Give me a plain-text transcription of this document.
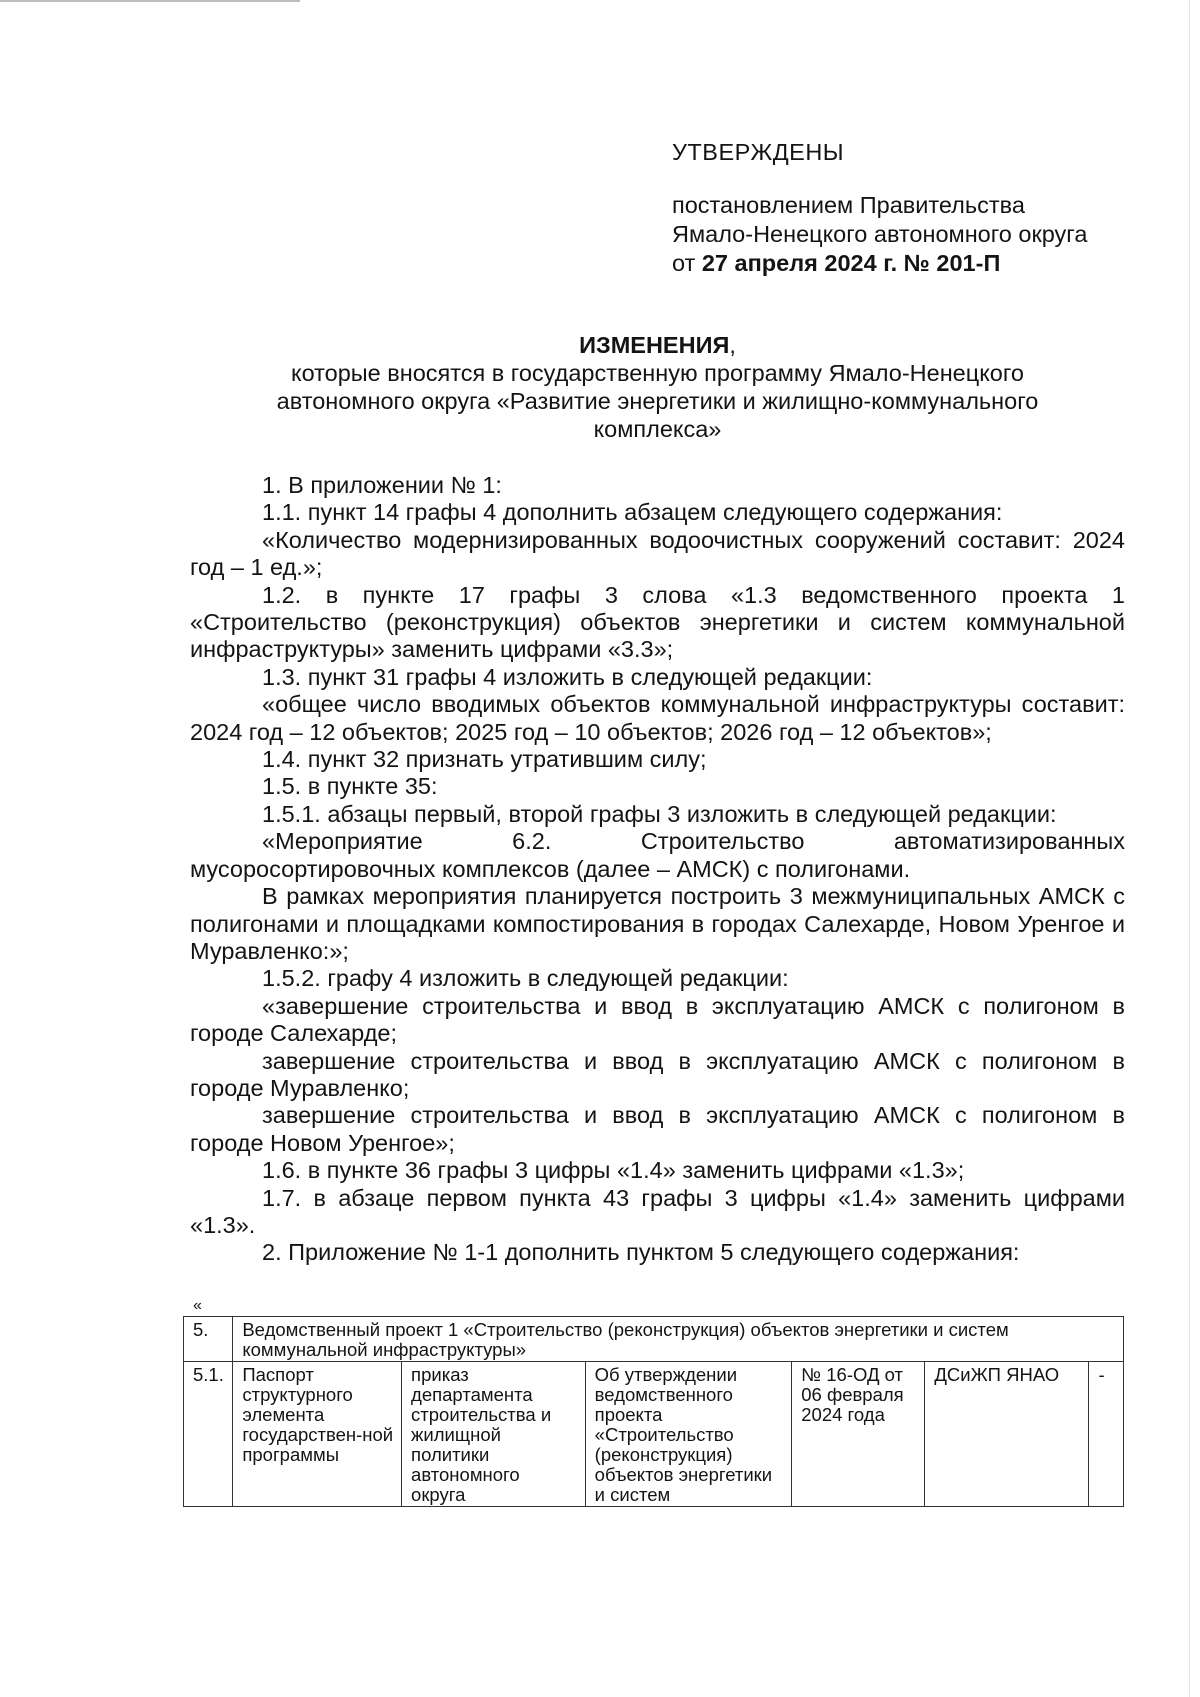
УТВЕРЖДЕНЫ
постановлением Правительства
Ямало-Ненецкого автономного округа
от 27 апреля 2024 г. № 201-П
ИЗМЕНЕНИЯ,
которые вносятся в государственную программу Ямало-Ненецкого
автономного округа «Развитие энергетики и жилищно-коммунального
комплекса»

1. В приложении № 1:

1.1. пункт 14 графы 4 дополнить абзацем следующего содержания:

«Количество модернизированных водоочистных сооружений составит: 2024 год – 1 ед.»;

1.2. в пункте 17 графы 3 слова «1.3 ведомственного проекта 1 «Строительство (реконструкция) объектов энергетики и систем коммунальной инфраструктуры» заменить цифрами «3.3»;

1.3. пункт 31 графы 4 изложить в следующей редакции:

«общее число вводимых объектов коммунальной инфраструктуры составит: 2024 год – 12 объектов; 2025 год – 10 объектов; 2026 год – 12 объектов»;

1.4. пункт 32 признать утратившим силу;

1.5. в пункте 35:

1.5.1. абзацы первый, второй графы 3 изложить в следующей редакции:

«Мероприятие 6.2. Строительство автоматизированных мусоросортировочных комплексов (далее – АМСК) с полигонами.

В рамках мероприятия планируется построить 3 межмуниципальных АМСК с полигонами и площадками компостирования в городах Салехарде, Новом Уренгое и Муравленко:»;

1.5.2. графу 4 изложить в следующей редакции:

«завершение строительства и ввод в эксплуатацию АМСК с полигоном в городе Салехарде;

завершение строительства и ввод в эксплуатацию АМСК с полигоном в городе Муравленко;

завершение строительства и ввод в эксплуатацию АМСК с полигоном в городе Новом Уренгое»;

1.6. в пункте 36 графы 3 цифры «1.4» заменить цифрами «1.3»;

1.7. в абзаце первом пункта 43 графы 3 цифры «1.4» заменить цифрами «1.3».

2. Приложение № 1-1 дополнить пунктом 5 следующего содержания:

«
5.	Ведомственный проект 1 «Строительство (реконструкция) объектов энергетики и систем коммунальной инфраструктуры»					
5.1.	Паспорт структурного элемента государствен-ной программы	приказ департамента строительства и жилищной политики автономного округа	Об утверждении ведомственного проекта «Строительство (реконструкция) объектов энергетики и систем	№ 16-ОД от 06 февраля 2024 года	ДСиЖП ЯНАО	-
